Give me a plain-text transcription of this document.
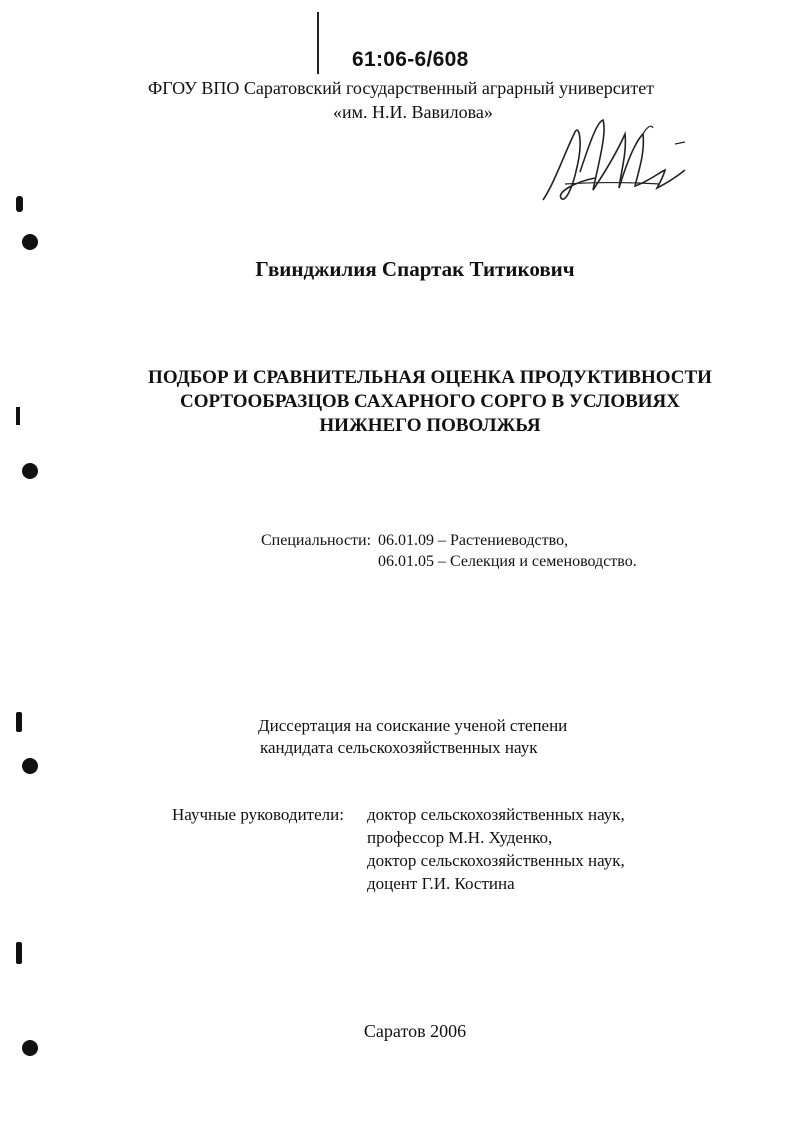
61:06-6/608
ФГОУ ВПО Саратовский государственный аграрный университет
«им. Н.И. Вавилова»
Гвинджилия Спартак Титикович
ПОДБОР И СРАВНИТЕЛЬНАЯ ОЦЕНКА ПРОДУКТИВНОСТИ
СОРТООБРАЗЦОВ САХАРНОГО СОРГО В УСЛОВИЯХ
НИЖНЕГО ПОВОЛЖЬЯ
Специальности: 06.01.09 – Растениеводство,
06.01.05 – Селекция и семеноводство.
Диссертация на соискание ученой степени
кандидата сельскохозяйственных наук
Научные руководители: доктор сельскохозяйственных наук,
профессор М.Н. Худенко,
доктор сельскохозяйственных наук,
доцент Г.И. Костина
Саратов 2006
